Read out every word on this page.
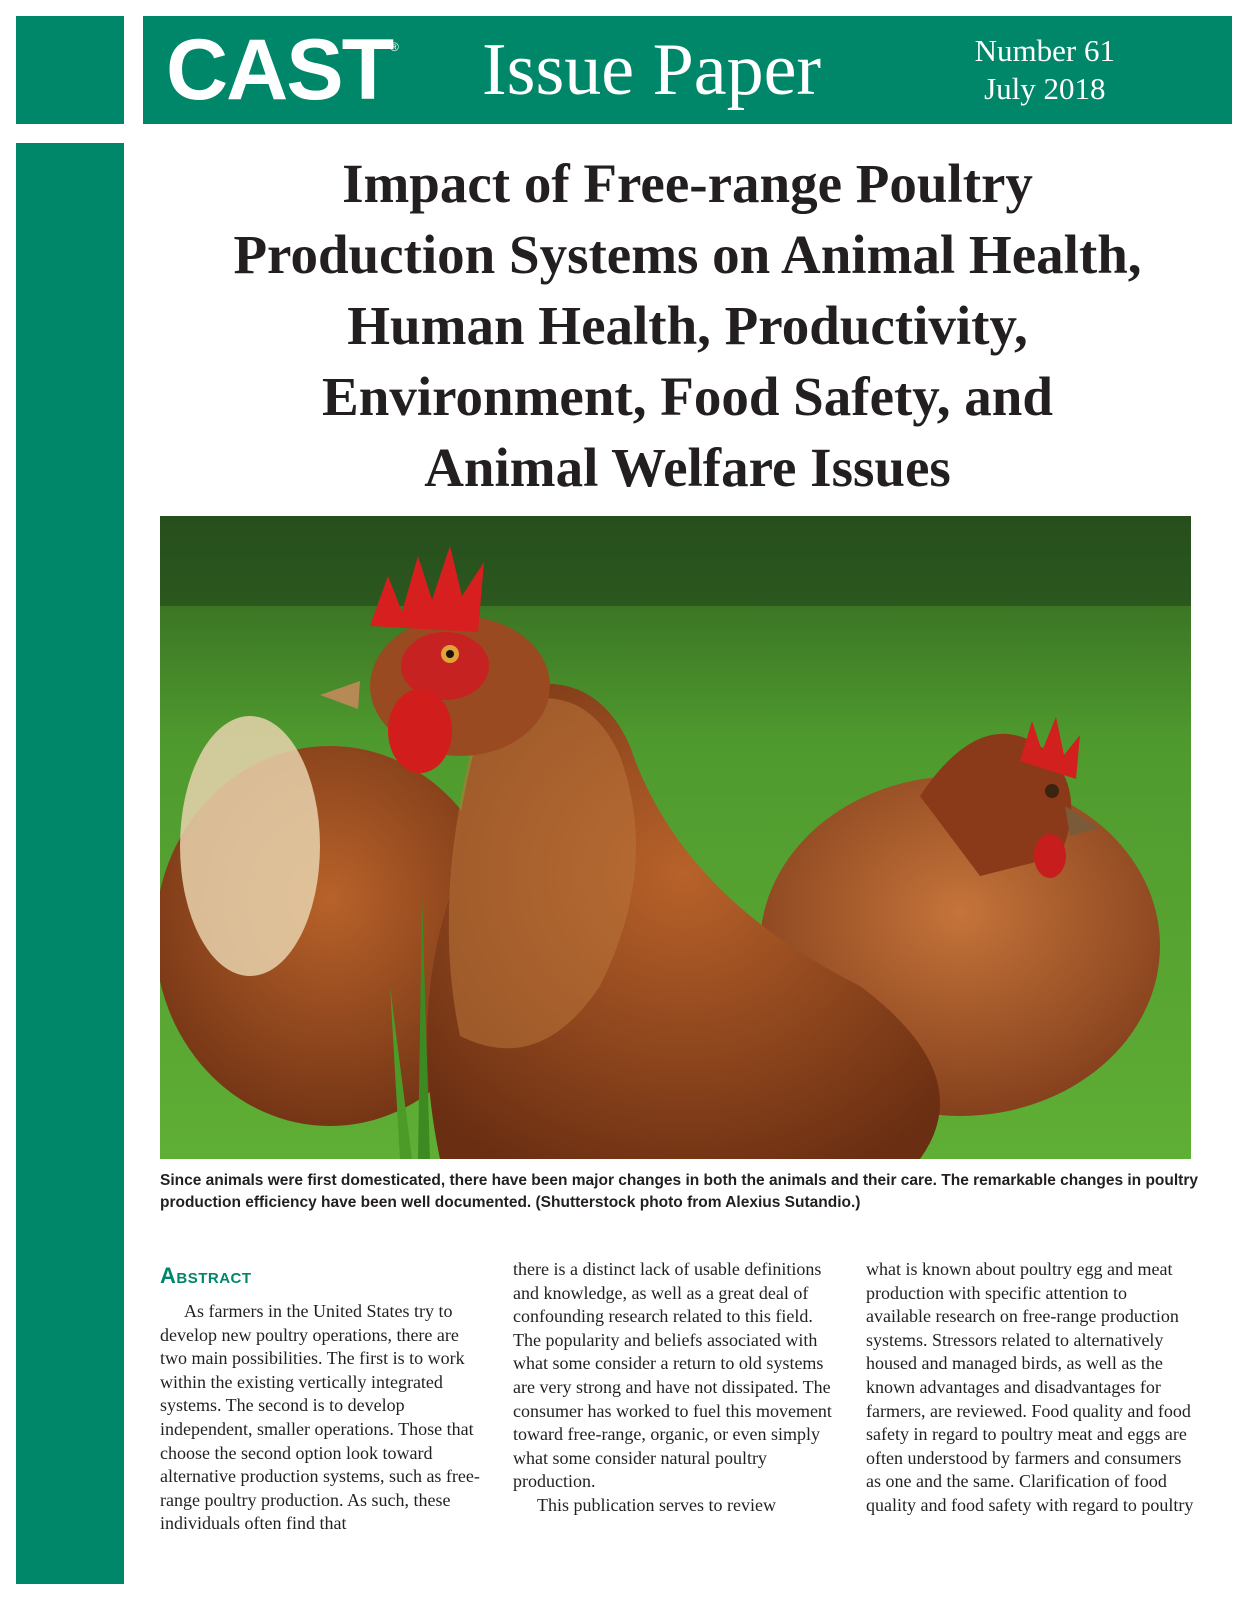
CAST
® Issue Paper	Number 61
July 2018
Impact of Free-range Poultry
Production Systems on Animal Health,
Human Health, Productivity,
Environment, Food Safety, and
Animal Welfare Issues
Since animals were first domesticated, there have been major changes in both the animals and their care. The remarkable changes in poultry production efficiency have been well documented. (Shutterstock photo from Alexius Sutandio.)
Abstract

As farmers in the United States try to develop new poultry operations, there are two main possibilities. The first is to work within the existing vertically integrated systems. The second is to develop independent, smaller operations. Those that choose the second option look toward alternative production systems, such as free-range poultry production. As such, these individuals often find that

there is a distinct lack of usable definitions and knowledge, as well as a great deal of confounding research related to this field. The popularity and beliefs associated with what some consider a return to old systems are very strong and have not dissipated. The consumer has worked to fuel this movement toward free-range, organic, or even simply what some consider natural poultry production.

This publication serves to review

what is known about poultry egg and meat production with specific attention to available research on free-range production systems. Stressors related to alternatively housed and managed birds, as well as the known advantages and disadvantages for farmers, are reviewed. Food quality and food safety in regard to poultry meat and eggs are often understood by farmers and consumers as one and the same. Clarification of food quality and food safety with regard to poultry
